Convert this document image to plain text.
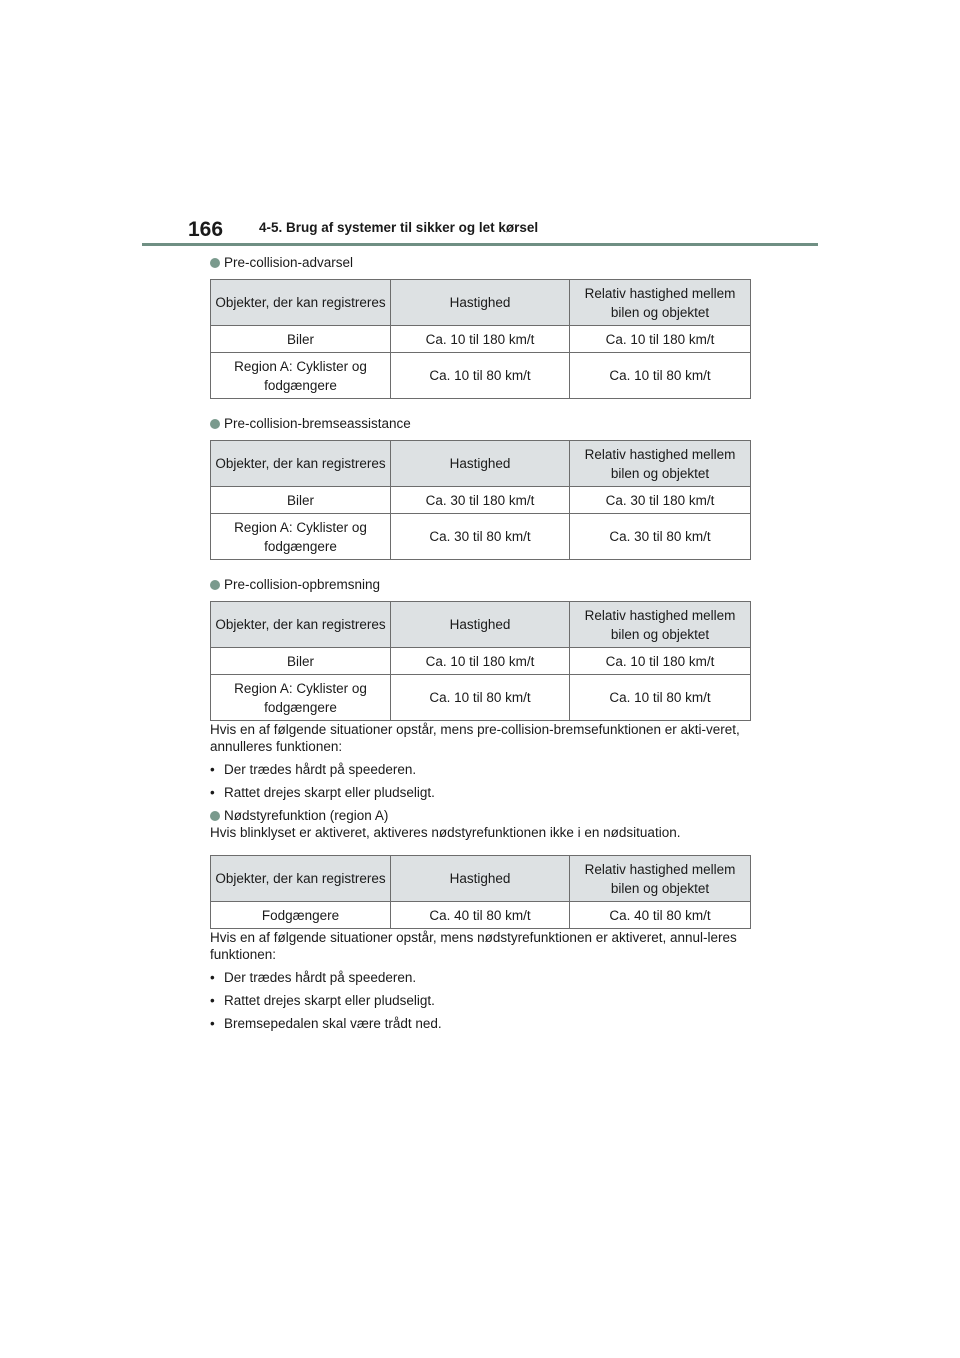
166	4-5. Brug af systemer til sikker og let kørsel
Pre-collision-advarsel
Objekter, der kan registreres	Hastighed	Relativ hastighed mellem bilen og objektet
Biler	Ca. 10 til 180 km/t	Ca. 10 til 180 km/t
Region A: Cyklister og fodgængere	Ca. 10 til 80 km/t	Ca. 10 til 80 km/t
Pre-collision-bremseassistance
Objekter, der kan registreres	Hastighed	Relativ hastighed mellem bilen og objektet
Biler	Ca. 30 til 180 km/t	Ca. 30 til 180 km/t
Region A: Cyklister og fodgængere	Ca. 30 til 80 km/t	Ca. 30 til 80 km/t
Pre-collision-opbremsning
Objekter, der kan registreres	Hastighed	Relativ hastighed mellem bilen og objektet
Biler	Ca. 10 til 180 km/t	Ca. 10 til 180 km/t
Region A: Cyklister og fodgængere	Ca. 10 til 80 km/t	Ca. 10 til 80 km/t

Hvis en af følgende situationer opstår, mens pre-collision-bremsefunktionen er akti-veret, annulleres funktionen:

• Der trædes hårdt på speederen.
• Rattet drejes skarpt eller pludseligt.
Nødstyrefunktion (region A)

Hvis blinklyset er aktiveret, aktiveres nødstyrefunktionen ikke i en nødsituation.

Objekter, der kan registreres	Hastighed	Relativ hastighed mellem bilen og objektet
Fodgængere	Ca. 40 til 80 km/t	Ca. 40 til 80 km/t

Hvis en af følgende situationer opstår, mens nødstyrefunktionen er aktiveret, annul-leres funktionen:

• Der trædes hårdt på speederen.
• Rattet drejes skarpt eller pludseligt.
• Bremsepedalen skal være trådt ned.
